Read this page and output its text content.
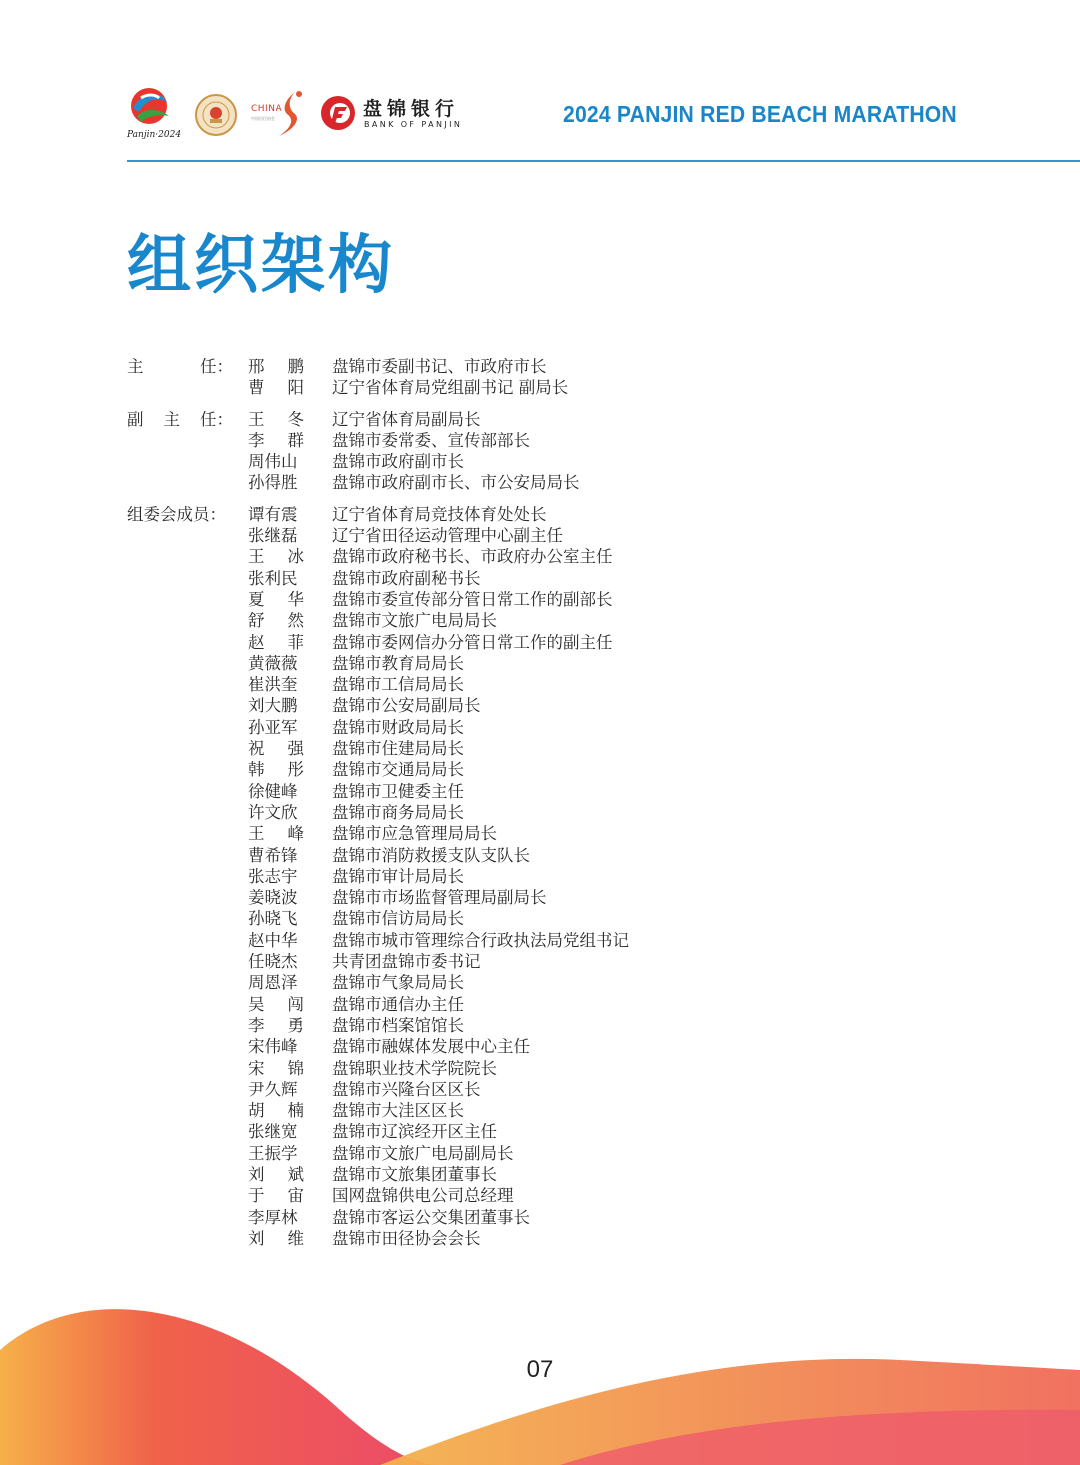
Panjin·2024
CHINA
中国田径协会	盘锦银行
BANK OF PANJIN	2024 PANJIN RED BEACH MARATHON
组织架构
主	任： 邢鹏 盘锦市委副书记、市政府市长
曹阳 辽宁省体育局党组副书记 副局长
副 主 任： 王冬 辽宁省体育局副局长
李群 盘锦市委常委、宣传部部长
周伟山	盘锦市政府副市长
孙得胜	盘锦市政府副市长、市公安局局长
组委会成员：	谭有震	辽宁省体育局竞技体育处处长
张继磊	辽宁省田径运动管理中心副主任
王冰 盘锦市政府秘书长、市政府办公室主任
张利民	盘锦市政府副秘书长
夏华 盘锦市委宣传部分管日常工作的副部长
舒然 盘锦市文旅广电局局长
赵菲 盘锦市委网信办分管日常工作的副主任
黄薇薇	盘锦市教育局局长
崔洪奎	盘锦市工信局局长
刘大鹏	盘锦市公安局副局长
孙亚军	盘锦市财政局局长
祝强 盘锦市住建局局长
韩彤 盘锦市交通局局长
徐健峰	盘锦市卫健委主任
许文欣	盘锦市商务局局长
王峰 盘锦市应急管理局局长
曹希锋	盘锦市消防救援支队支队长
张志宇	盘锦市审计局局长
姜晓波	盘锦市市场监督管理局副局长
孙晓飞	盘锦市信访局局长
赵中华	盘锦市城市管理综合行政执法局党组书记
任晓杰	共青团盘锦市委书记
周恩泽	盘锦市气象局局长
吴闯 盘锦市通信办主任
李勇 盘锦市档案馆馆长
宋伟峰	盘锦市融媒体发展中心主任
宋锦 盘锦职业技术学院院长
尹久辉	盘锦市兴隆台区区长
胡楠 盘锦市大洼区区长
张继宽	盘锦市辽滨经开区主任
王振学	盘锦市文旅广电局副局长
刘斌 盘锦市文旅集团董事长
于宙 国网盘锦供电公司总经理
李厚林	盘锦市客运公交集团董事长
刘维 盘锦市田径协会会长
07
